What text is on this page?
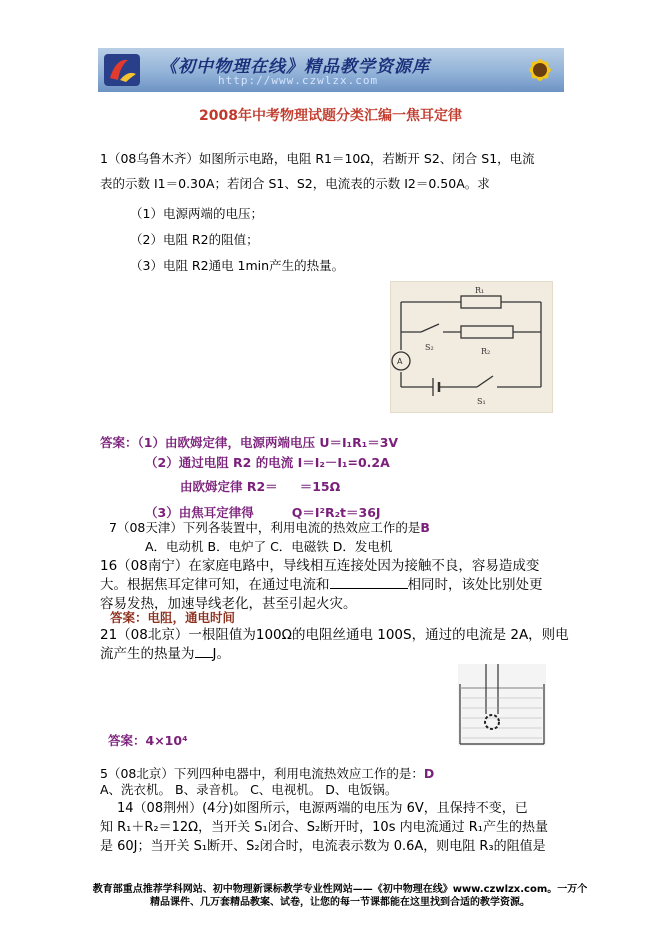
《初中物理在线》精品教学资源库
http://www.czwlzx.com
2008年中考物理试题分类汇编一焦耳定律
1（08乌鲁木齐）如图所示电路，电阻 R1＝10Ω，若断开 S2、闭合 S1，电流
表的示数 I1＝0.30A；若闭合 S1、S2，电流表的示数 I2＝0.50A。求
（1）电源两端的电压；
（2）电阻 R2的阻值；
（3）电阻 R2通电 1min产生的热量。
R₁
R₂
S₂
S₁
A
答案：（1）由欧姆定律，电源两端电压 U＝I₁R₁＝3V
（2）通过电阻 R2 的电流 I＝I₂－I₁=0.2A
由欧姆定律 R2＝ ＝15Ω
（3）由焦耳定律得	Q＝I²R₂t＝36J
7（08天津）下列各装置中，利用电流的热效应工作的是B
A．电动机 B．电炉了 C．电磁铁 D．发电机
16（08南宁）在家庭电路中，导线相互连接处因为接触不良，容易造成变
大。根据焦耳定律可知，在通过电流和	相同时，该处比别处更
容易发热，加速导线老化，甚至引起火灾。
答案：电阻，通电时间
21（08北京）一根阻值为100Ω的电阻丝通电 100S，通过的电流是 2A，则电
流产生的热量为 J。
答案：4×10⁴
5（08北京）下列四种电器中，利用电流热效应工作的是：D
A、洗衣机。 B、录音机。 C、电视机。 D、电饭锅。
14（08荆州）(4分)如图所示，电源两端的电压为 6V，且保持不变，已
知 R₁＋R₂＝12Ω，当开关 S₁闭合、S₂断开时，10s 内电流通过 R₁产生的热量
是 60J；当开关 S₁断开、S₂闭合时，电流表示数为 0.6A，则电阻 R₃的阻值是
教育部重点推荐学科网站、初中物理新课标教学专业性网站——《初中物理在线》www.czwlzx.com。一万个
精品课件、几万套精品教案、试卷，让您的每一节课都能在这里找到合适的教学资源。
